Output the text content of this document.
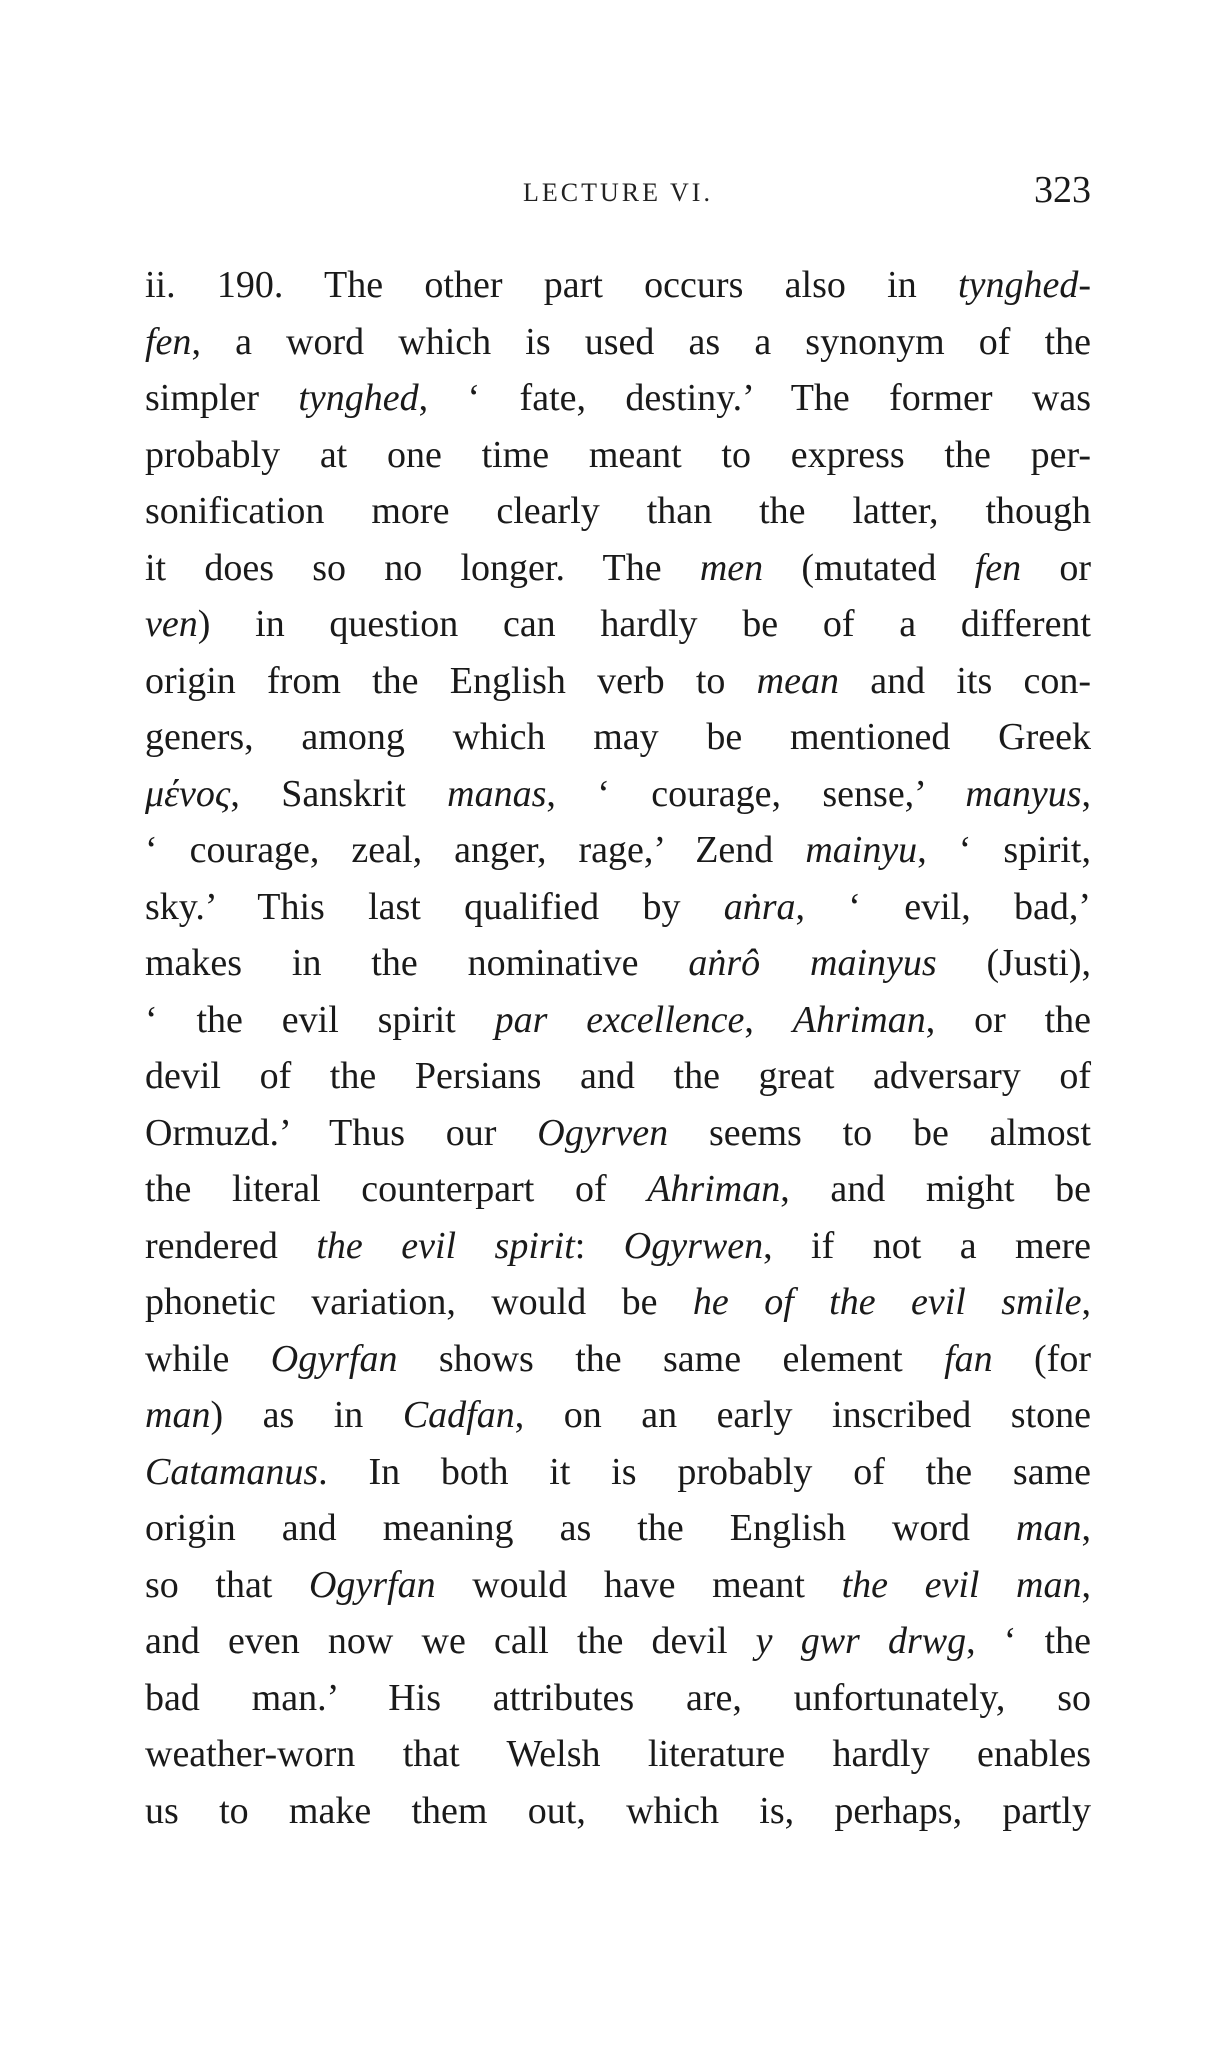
LECTURE VI.	323
ii. 190. The other part occurs also in tynghed-
fen, a word which is used as a synonym of the
simpler tynghed, ‘ fate, destiny.’ The former was
probably at one time meant to express the per-
sonification more clearly than the latter, though
it does so no longer. The men (mutated fen or
ven) in question can hardly be of a different
origin from the English verb to mean and its con-
geners, among which may be mentioned Greek
μένος, Sanskrit manas, ‘ courage, sense,’ manyus,
‘ courage, zeal, anger, rage,’ Zend mainyu, ‘ spirit,
sky.’ This last qualified by aṅra, ‘ evil, bad,’
makes in the nominative aṅrô mainyus (Justi),
‘ the evil spirit par excellence, Ahriman, or the
devil of the Persians and the great adversary of
Ormuzd.’ Thus our Ogyrven seems to be almost
the literal counterpart of Ahriman, and might be
rendered the evil spirit: Ogyrwen, if not a mere
phonetic variation, would be he of the evil smile,
while Ogyrfan shows the same element fan (for
man) as in Cadfan, on an early inscribed stone
Catamanus. In both it is probably of the same
origin and meaning as the English word man,
so that Ogyrfan would have meant the evil man,
and even now we call the devil y gwr drwg, ‘ the
bad man.’ His attributes are, unfortunately, so
weather-worn that Welsh literature hardly enables
us to make them out, which is, perhaps, partly
